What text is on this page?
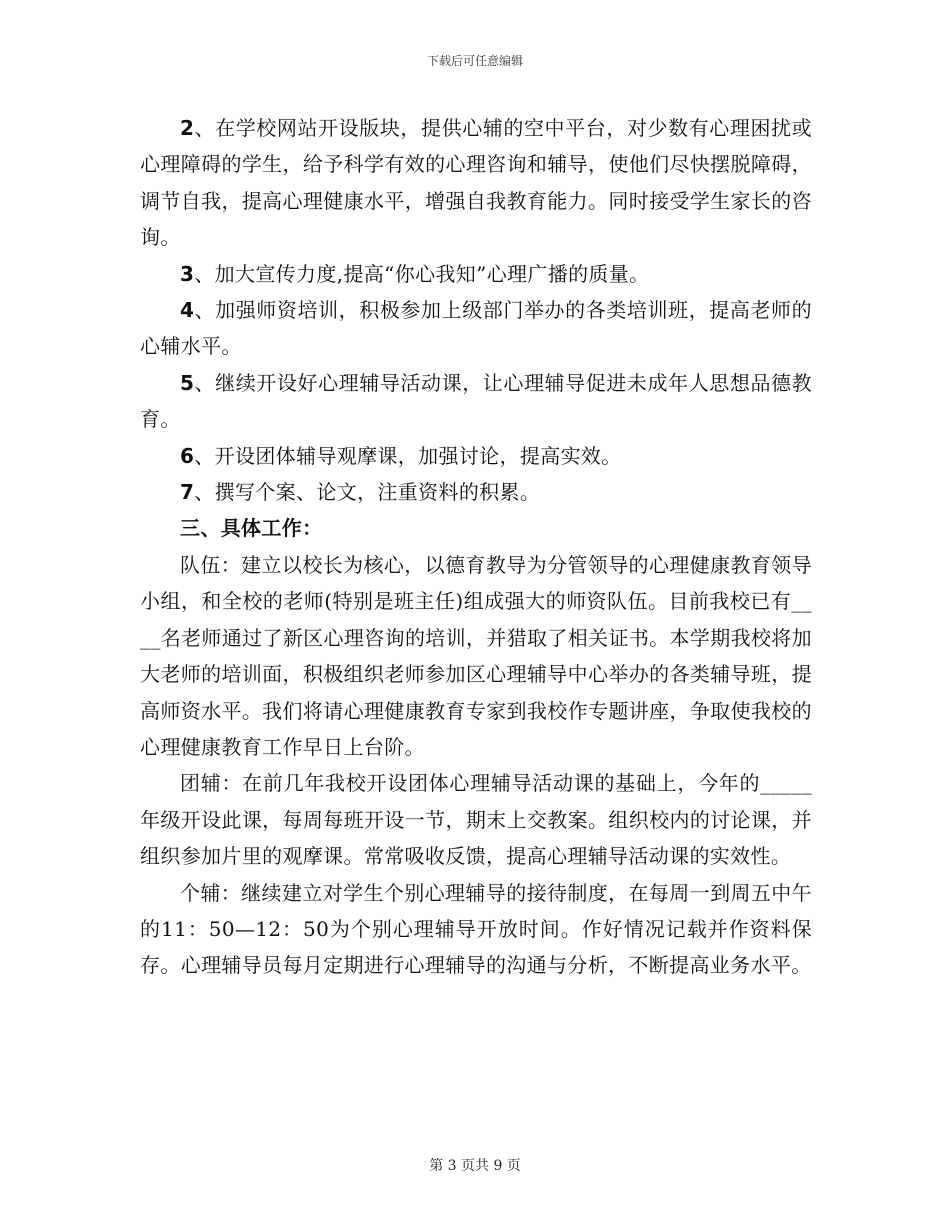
下载后可任意编辑

2、在学校网站开设版块，提供心辅的空中平台，对少数有心理困扰或心理障碍的学生，给予科学有效的心理咨询和辅导，使他们尽快摆脱障碍，调节自我，提高心理健康水平，增强自我教育能力。同时接受学生家长的咨询。

3、加大宣传力度,提高“你心我知”心理广播的质量。

4、加强师资培训，积极参加上级部门举办的各类培训班，提高老师的心辅水平。

5、继续开设好心理辅导活动课，让心理辅导促进未成年人思想品德教育。

6、开设团体辅导观摩课，加强讨论，提高实效。

7、撰写个案、论文，注重资料的积累。

三、具体工作：

队伍：建立以校长为核心，以德育教导为分管领导的心理健康教育领导小组，和全校的老师(特别是班主任)组成强大的师资队伍。目前我校已有____名老师通过了新区心理咨询的培训，并猎取了相关证书。本学期我校将加大老师的培训面，积极组织老师参加区心理辅导中心举办的各类辅导班，提高师资水平。我们将请心理健康教育专家到我校作专题讲座，争取使我校的心理健康教育工作早日上台阶。

团辅：在前几年我校开设团体心理辅导活动课的基础上，今年的_____年级开设此课，每周每班开设一节，期末上交教案。组织校内的讨论课，并组织参加片里的观摩课。常常吸收反馈，提高心理辅导活动课的实效性。

个辅：继续建立对学生个别心理辅导的接待制度，在每周一到周五中午的11：50—12：50为个别心理辅导开放时间。作好情况记载并作资料保存。心理辅导员每月定期进行心理辅导的沟通与分析，不断提高业务水平。

第 3 页共 9 页
